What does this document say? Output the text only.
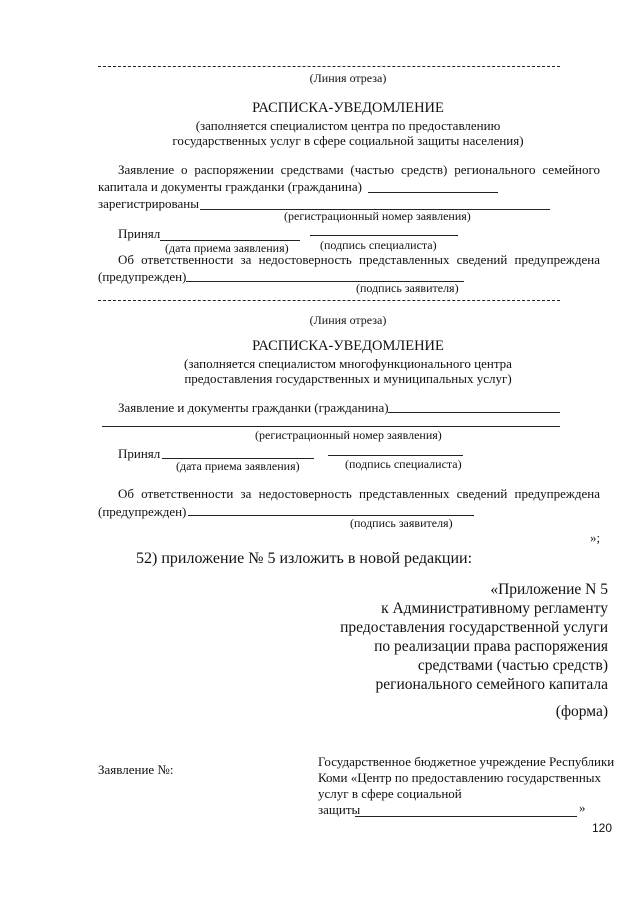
(Линия отреза)
РАСПИСКА-УВЕДОМЛЕНИЕ
(заполняется специалистом центра по предоставлению
государственных услуг в сфере социальной защиты населения)
Заявление о распоряжении средствами (частью средств) регионального семейного
капитала и документы гражданки (гражданина)
зарегистрированы
(регистрационный номер заявления)
Принял
(дата приема заявления)	(подпись специалиста)
Об ответственности за недостоверность представленных сведений предупреждена
(предупрежден)
(подпись заявителя)
(Линия отреза)
РАСПИСКА-УВЕДОМЛЕНИЕ
(заполняется специалистом многофункционального центра
предоставления государственных и муниципальных услуг)
Заявление и документы гражданки (гражданина)
(регистрационный номер заявления)
Принял
(дата приема заявления)	(подпись специалиста)
Об ответственности за недостоверность представленных сведений предупреждена
(предупрежден)
(подпись заявителя)
»;
52) приложение № 5 изложить в новой редакции:
«Приложение N 5
к Административному регламенту
предоставления государственной услуги
по реализации права распоряжения
средствами (частью средств)
регионального семейного капитала
(форма)
Заявление №:
Государственное бюджетное учреждение Республики
Коми «Центр по предоставлению государственных
услуг в сфере социальной
защиты	»
120
